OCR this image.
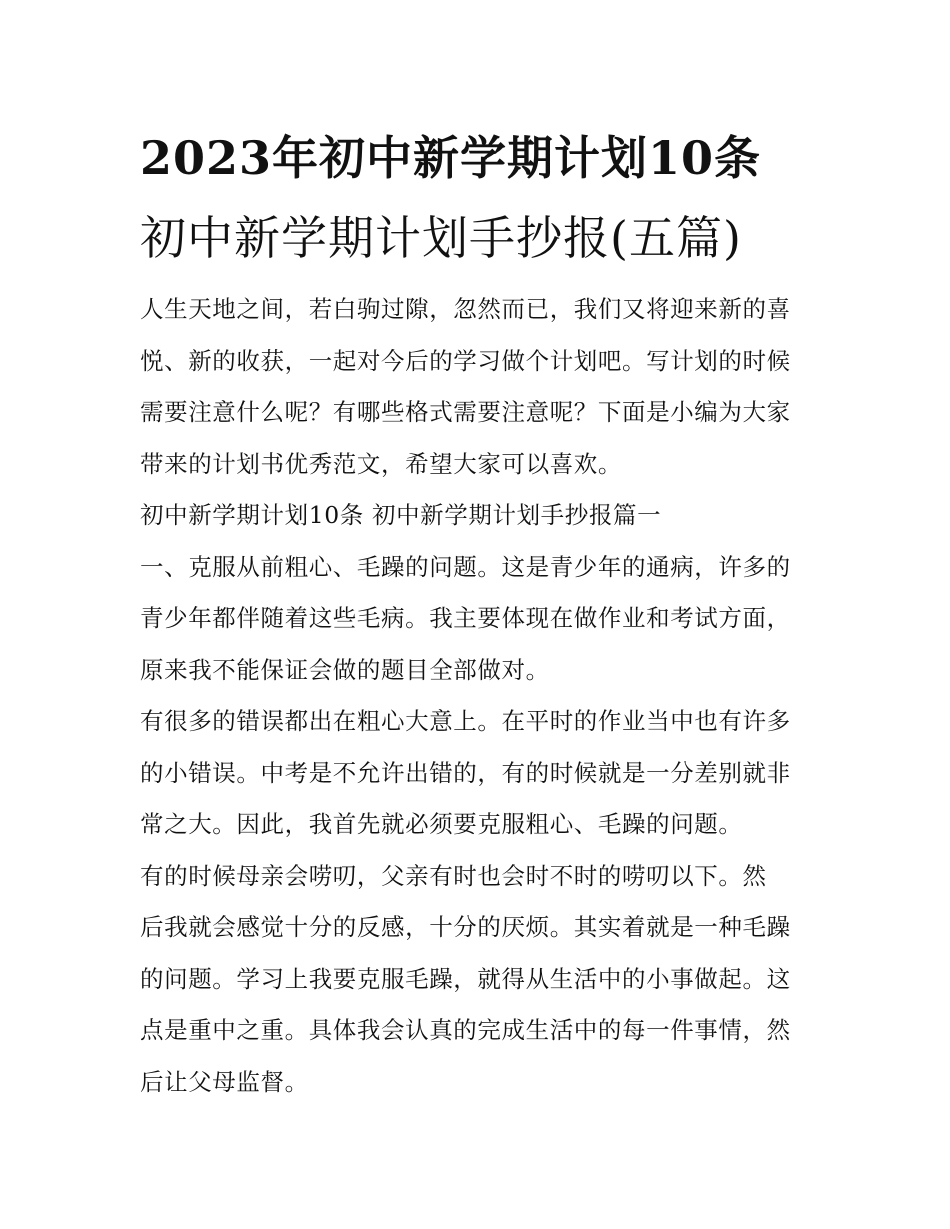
2023年初中新学期计划10条
初中新学期计划手抄报(五篇)

人生天地之间，若白驹过隙，忽然而已，我们又将迎来新的喜
悦、新的收获，一起对今后的学习做个计划吧。写计划的时候
需要注意什么呢？有哪些格式需要注意呢？下面是小编为大家
带来的计划书优秀范文，希望大家可以喜欢。

初中新学期计划10条 初中新学期计划手抄报篇一

一、克服从前粗心、毛躁的问题。这是青少年的通病，许多的
青少年都伴随着这些毛病。我主要体现在做作业和考试方面，
原来我不能保证会做的题目全部做对。

有很多的错误都出在粗心大意上。在平时的作业当中也有许多
的小错误。中考是不允许出错的，有的时候就是一分差别就非
常之大。因此，我首先就必须要克服粗心、毛躁的问题。

有的时候母亲会唠叨，父亲有时也会时不时的唠叨以下。然
后我就会感觉十分的反感，十分的厌烦。其实着就是一种毛躁
的问题。学习上我要克服毛躁，就得从生活中的小事做起。这
点是重中之重。具体我会认真的完成生活中的每一件事情，然
后让父母监督。
